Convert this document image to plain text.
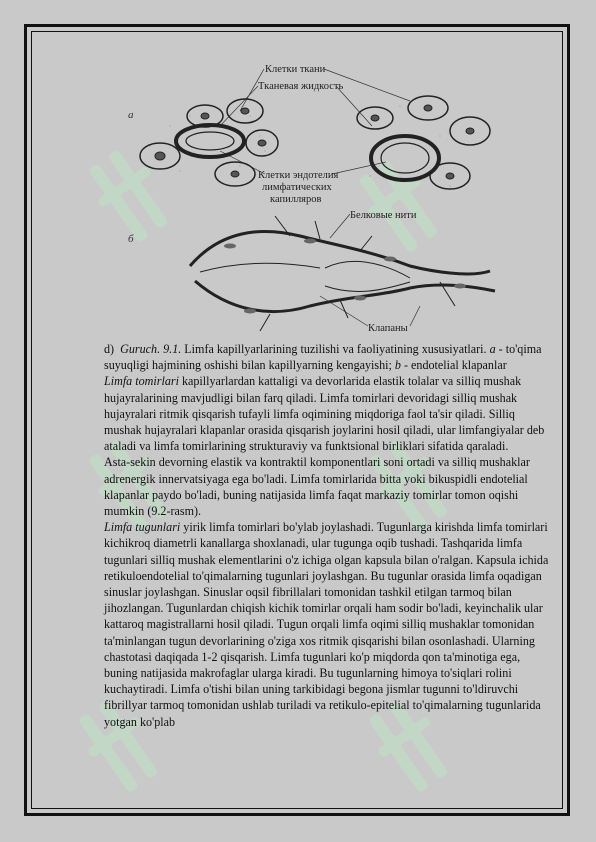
Клетки ткани
Тканевая жидкость
а
б
Клетки эндотелия
лимфатических
капилляров
Белковые нити
Клапаны

d) Guruch. 9.1. Limfa kapillyarlarining tuzilishi va faoliyatining xususiyatlari. a - to'qima suyuqligi hajmining oshishi bilan kapillyarning kengayishi; b - endotelial klapanlar

Limfa tomirlari kapillyarlardan kattaligi va devorlarida elastik tolalar va silliq mushak hujayralarining mavjudligi bilan farq qiladi. Limfa tomirlari devoridagi silliq mushak hujayralari ritmik qisqarish tufayli limfa oqimining miqdoriga faol ta'sir qiladi. Silliq mushak hujayralari klapanlar orasida qisqarish joylarini hosil qiladi, ular limfangiyalar deb ataladi va limfa tomirlarining strukturaviy va funktsional birliklari sifatida qaraladi.

Asta-sekin devorning elastik va kontraktil komponentlari soni ortadi va silliq mushaklar adrenergik innervatsiyaga ega bo'ladi. Limfa tomirlarida bitta yoki bikuspidli endotelial klapanlar paydo bo'ladi, buning natijasida limfa faqat markaziy tomirlar tomon oqishi mumkin (9.2-rasm).

Limfa tugunlari yirik limfa tomirlari bo'ylab joylashadi. Tugunlarga kirishda limfa tomirlari kichikroq diametrli kanallarga shoxlanadi, ular tugunga oqib tushadi. Tashqarida limfa tugunlari silliq mushak elementlarini o'z ichiga olgan kapsula bilan o'ralgan. Kapsula ichida retikuloendotelial to'qimalarning tugunlari joylashgan. Bu tugunlar orasida limfa oqadigan sinuslar joylashgan. Sinuslar oqsil fibrillalari tomonidan tashkil etilgan tarmoq bilan jihozlangan. Tugunlardan chiqish kichik tomirlar orqali ham sodir bo'ladi, keyinchalik ular kattaroq magistrallarni hosil qiladi. Tugun orqali limfa oqimi silliq mushaklar tomonidan ta'minlangan tugun devorlarining o'ziga xos ritmik qisqarishi bilan osonlashadi. Ularning chastotasi daqiqada 1-2 qisqarish. Limfa tugunlari ko'p miqdorda qon ta'minotiga ega, buning natijasida makrofaglar ularga kiradi. Bu tugunlarning himoya to'siqlari rolini kuchaytiradi. Limfa o'tishi bilan uning tarkibidagi begona jismlar tugunni to'ldiruvchi fibrillyar tarmoq tomonidan ushlab turiladi va retikulo-epitelial to'qimalarning tugunlarida yotgan ko'plab
